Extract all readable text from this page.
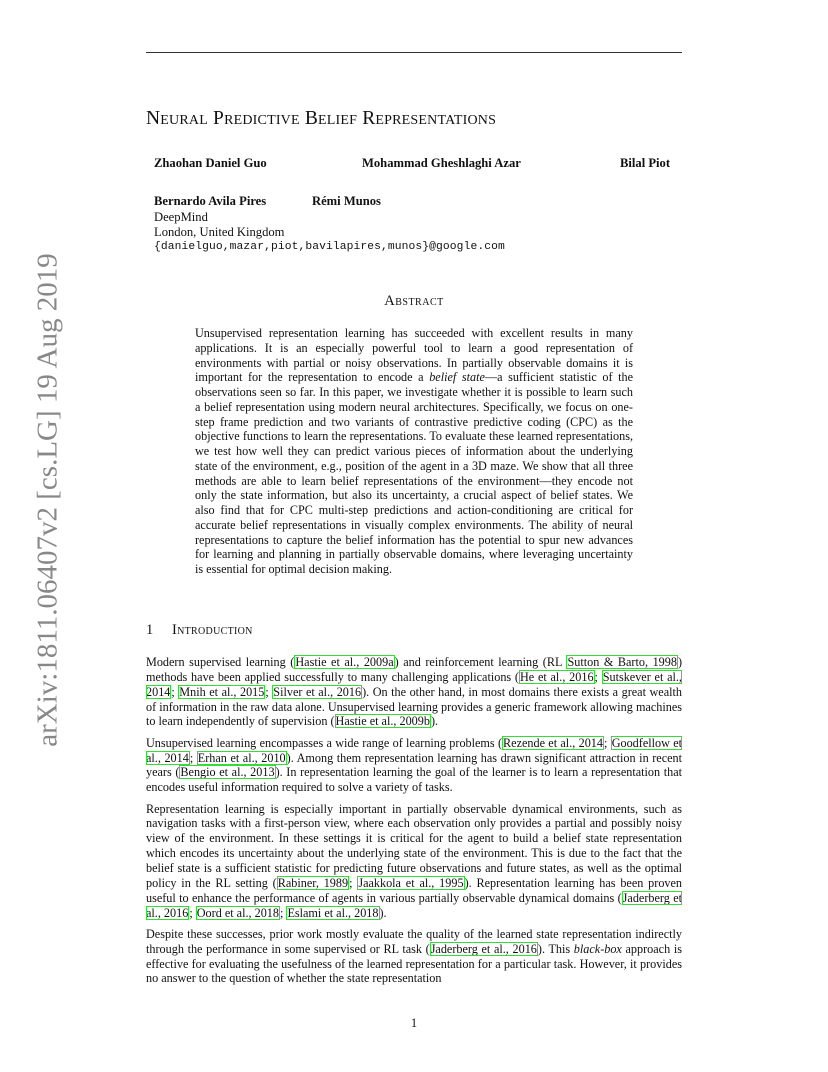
arXiv:1811.06407v2 [cs.LG] 19 Aug 2019
Neural Predictive Belief Representations
Zhaohan Daniel Guo	Mohammad Gheshlaghi Azar	Bilal Piot
Bernardo Avila Pires	Rémi Munos
DeepMind
London, United Kingdom
{danielguo,mazar,piot,bavilapires,munos}@google.com
Abstract
Unsupervised representation learning has succeeded with excellent results in many applications. It is an especially powerful tool to learn a good representation of environments with partial or noisy observations. In partially observable domains it is important for the representation to encode a belief state—a sufficient statistic of the observations seen so far. In this paper, we investigate whether it is possible to learn such a belief representation using modern neural architectures. Specifically, we focus on one-step frame prediction and two variants of contrastive predictive coding (CPC) as the objective functions to learn the representations. To evaluate these learned representations, we test how well they can predict various pieces of information about the underlying state of the environment, e.g., position of the agent in a 3D maze. We show that all three methods are able to learn belief representations of the environment—they encode not only the state information, but also its uncertainty, a crucial aspect of belief states. We also find that for CPC multi-step predictions and action-conditioning are critical for accurate belief representations in visually complex environments. The ability of neural representations to capture the belief information has the potential to spur new advances for learning and planning in partially observable domains, where leveraging uncertainty is essential for optimal decision making.
1 Introduction

Modern supervised learning (Hastie et al., 2009a) and reinforcement learning (RL Sutton & Barto, 1998) methods have been applied successfully to many challenging applications (He et al., 2016; Sutskever et al., 2014; Mnih et al., 2015; Silver et al., 2016). On the other hand, in most domains there exists a great wealth of information in the raw data alone. Unsupervised learning provides a generic framework allowing machines to learn independently of supervision (Hastie et al., 2009b).

Unsupervised learning encompasses a wide range of learning problems (Rezende et al., 2014; Goodfellow et al., 2014; Erhan et al., 2010). Among them representation learning has drawn significant attraction in recent years (Bengio et al., 2013). In representation learning the goal of the learner is to learn a representation that encodes useful information required to solve a variety of tasks.

Representation learning is especially important in partially observable dynamical environments, such as navigation tasks with a first-person view, where each observation only provides a partial and possibly noisy view of the environment. In these settings it is critical for the agent to build a belief state representation which encodes its uncertainty about the underlying state of the environment. This is due to the fact that the belief state is a sufficient statistic for predicting future observations and future states, as well as the optimal policy in the RL setting (Rabiner, 1989; Jaakkola et al., 1995). Representation learning has been proven useful to enhance the performance of agents in various partially observable dynamical domains (Jaderberg et al., 2016; Oord et al., 2018; Eslami et al., 2018).

Despite these successes, prior work mostly evaluate the quality of the learned state representation indirectly through the performance in some supervised or RL task (Jaderberg et al., 2016). This black-box approach is effective for evaluating the usefulness of the learned representation for a particular task. However, it provides no answer to the question of whether the state representation

1
